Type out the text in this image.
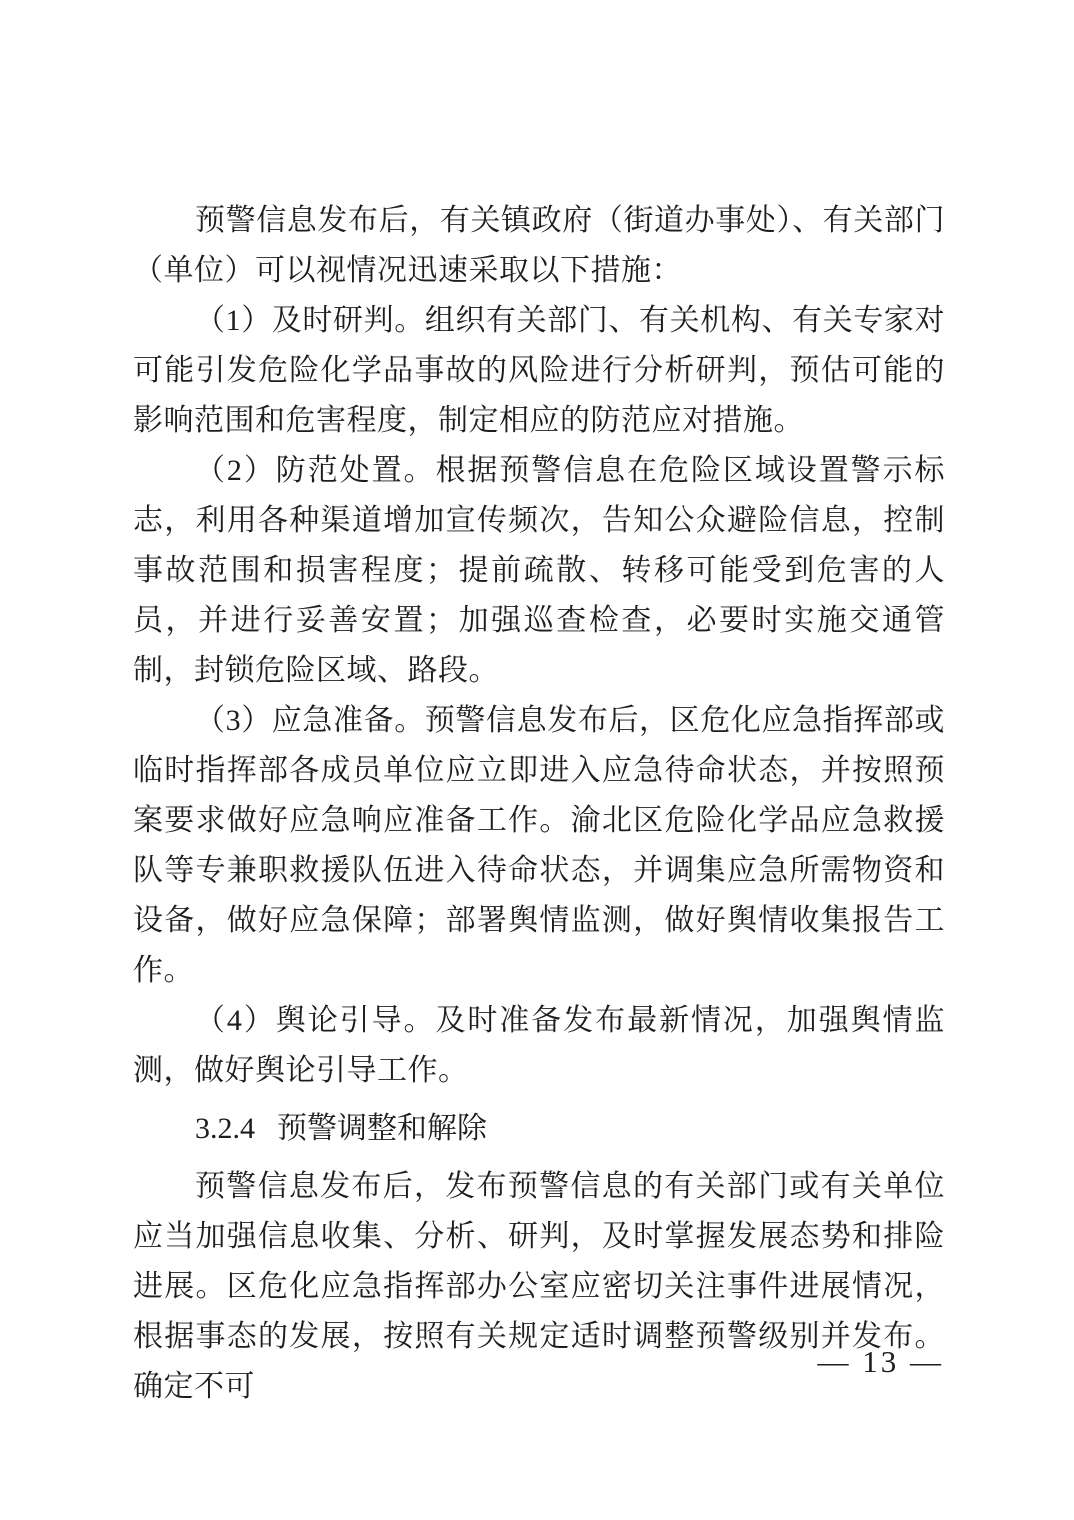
预警信息发布后，有关镇政府（街道办事处）、有关部门（单位）可以视情况迅速采取以下措施：

（1）及时研判。组织有关部门、有关机构、有关专家对可能引发危险化学品事故的风险进行分析研判，预估可能的影响范围和危害程度，制定相应的防范应对措施。

（2）防范处置。根据预警信息在危险区域设置警示标志，利用各种渠道增加宣传频次，告知公众避险信息，控制事故范围和损害程度；提前疏散、转移可能受到危害的人员，并进行妥善安置；加强巡查检查，必要时实施交通管制，封锁危险区域、路段。

（3）应急准备。预警信息发布后，区危化应急指挥部或临时指挥部各成员单位应立即进入应急待命状态，并按照预案要求做好应急响应准备工作。渝北区危险化学品应急救援队等专兼职救援队伍进入待命状态，并调集应急所需物资和设备，做好应急保障；部署舆情监测，做好舆情收集报告工作。

（4）舆论引导。及时准备发布最新情况，加强舆情监测，做好舆论引导工作。

3.2.4 预警调整和解除

预警信息发布后，发布预警信息的有关部门或有关单位应当加强信息收集、分析、研判，及时掌握发展态势和排险进展。区危化应急指挥部办公室应密切关注事件进展情况，根据事态的发展，按照有关规定适时调整预警级别并发布。确定不可

— 13 —
